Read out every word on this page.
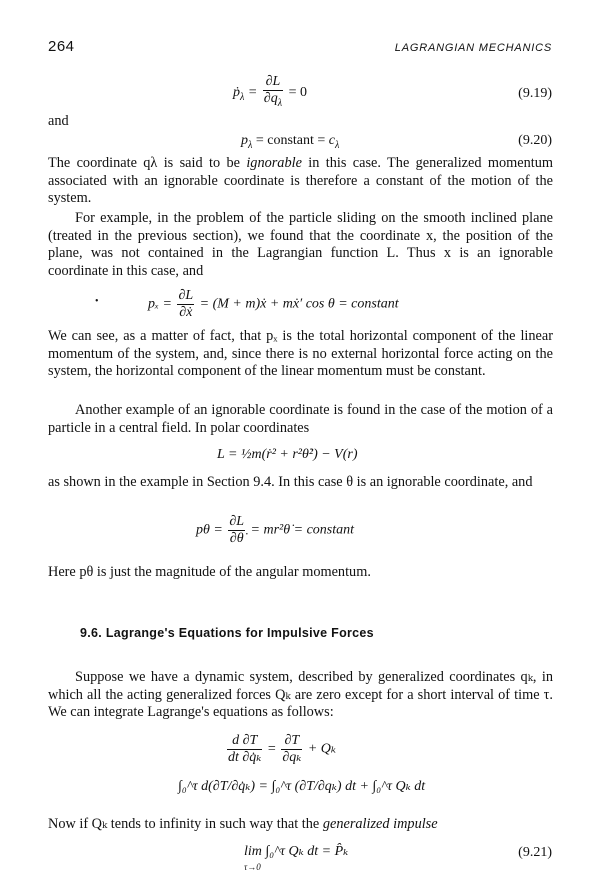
264	LAGRANGIAN MECHANICS
ṗ$_\lambda$ = $\frac{\partial L}{\partial q_\lambda} = 0$	(9.19)
and
$p_\lambda$ = constant = $c_\lambda$	(9.20)

The coordinate qλ is said to be ignorable in this case. The generalized momentum associated with an ignorable coordinate is therefore a constant of the motion of the system.

For example, in the problem of the particle sliding on the smooth inclined plane (treated in the previous section), we found that the coordinate x, the position of the plane, was not contained in the Lagrangian function L. Thus x is an ignorable coordinate in this case, and

•	$p_x = \frac{\partial L}{\text{∂ẋ}} = (M$ + m)ẋ + mẋ′ cos θ = constant

We can see, as a matter of fact, that pₓ is the total horizontal component of the linear momentum of the system, and, since there is no external horizontal force acting on the system, the horizontal component of the linear momentum must be constant.

Another example of an ignorable coordinate is found in the case of the motion of a particle in a central field. In polar coordinates

L = ½m(ṙ² + r²θ̇²) − V(r)

as shown in the example in Section 9.4. In this case θ is an ignorable coordinate, and

$p\theta = \frac{\partial L}{\partial\thetȧ}$ = mr²θ̇ = constant

Here pθ is just the magnitude of the angular momentum.

9.6. Lagrange's Equations for Impulsive Forces

Suppose we have a dynamic system, described by generalized coordinates qₖ, in which all the acting generalized forces Qₖ are zero except for a short interval of time τ. We can integrate Lagrange's equations as follows:

$\frac{d \partial T}{\text{dt ∂q̇ₖ}} = \frac{\partial T}{\text{∂qₖ}} + Q_k$
∫₀^τ d(∂T/∂q̇ₖ) = ∫₀^τ (∂T/∂qₖ) dt + ∫₀^τ Qₖ dt

Now if Qₖ tends to infinity in such way that the generalized impulse

lim ∫₀^τ Qₖ dt = P̂ₖ
τ→0
(9.21)
